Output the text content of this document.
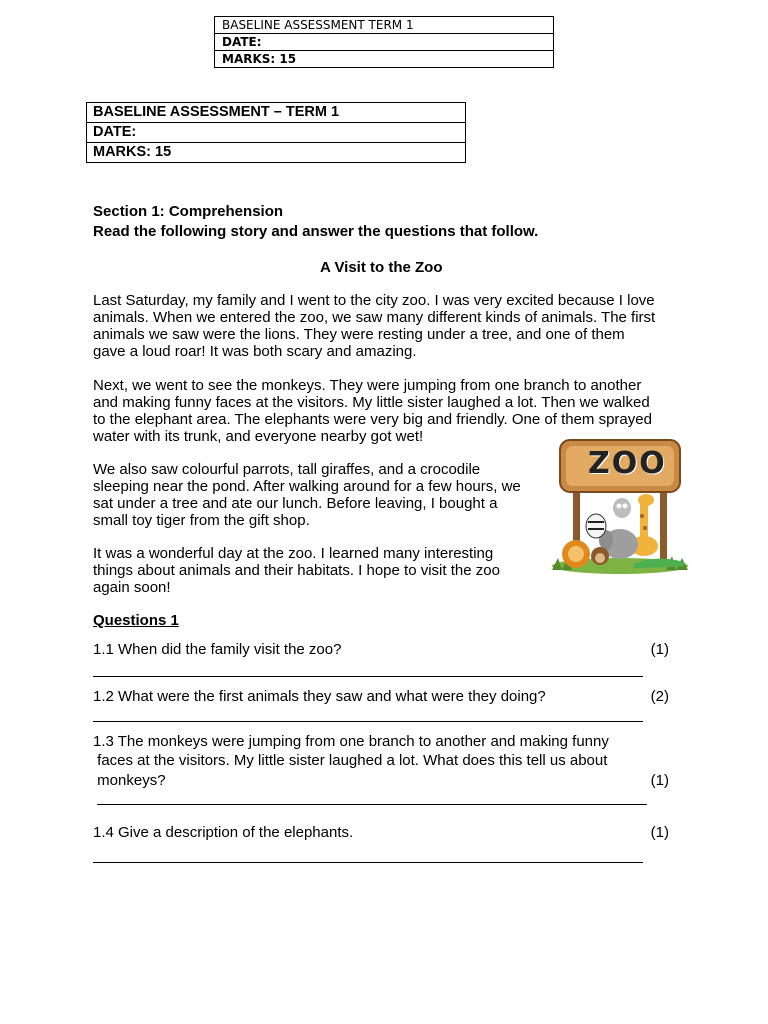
BASELINE ASSESSMENT TERM 1
DATE:
MARKS: 15
BASELINE ASSESSMENT – TERM 1
DATE:
MARKS: 15
Section 1: Comprehension
Read the following story and answer the questions that follow.
A Visit to the Zoo
Last Saturday, my family and I went to the city zoo. I was very excited because I love
animals. When we entered the zoo, we saw many different kinds of animals. The first
animals we saw were the lions. They were resting under a tree, and one of them
gave a loud roar! It was both scary and amazing.
Next, we went to see the monkeys. They were jumping from one branch to another
and making funny faces at the visitors. My little sister laughed a lot. Then we walked
to the elephant area. The elephants were very big and friendly. One of them sprayed
water with its trunk, and everyone nearby got wet!
We also saw colourful parrots, tall giraffes, and a crocodile
sleeping near the pond. After walking around for a few hours, we
sat under a tree and ate our lunch. Before leaving, I bought a
small toy tiger from the gift shop.
It was a wonderful day at the zoo. I learned many interesting
things about animals and their habitats. I hope to visit the zoo
again soon!
ZOO
Questions 1
1.1 When did the family visit the zoo?	(1)
1.2 What were the first animals they saw and what were they doing?	(2)
1.3 The monkeys were jumping from one branch to another and making funny
faces at the visitors. My little sister laughed a lot. What does this tell us about
monkeys?	(1)
1.4 Give a description of the elephants.	(1)
